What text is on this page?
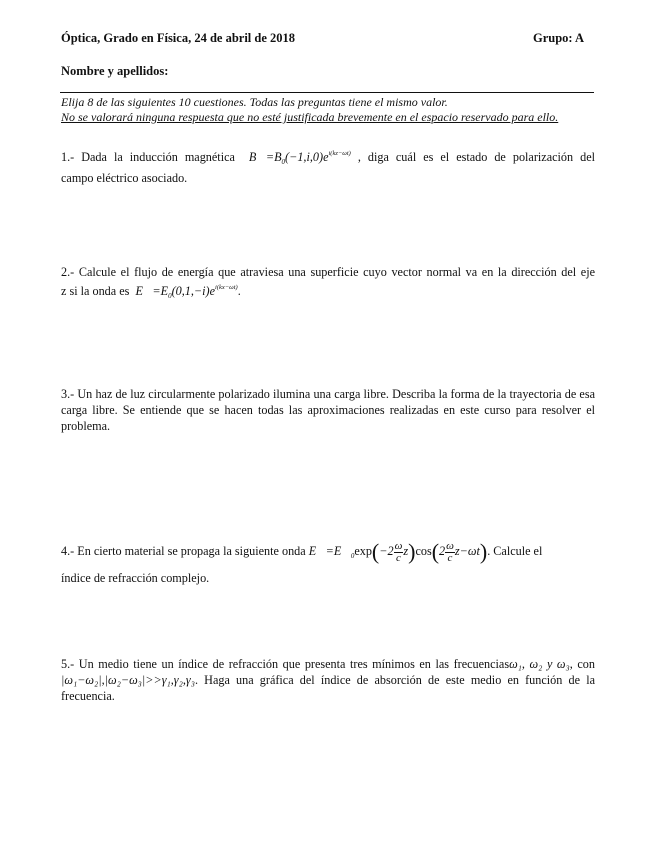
Óptica, Grado en Física, 24 de abril de 2018	Grupo: A
Nombre y apellidos:
Elija 8 de las siguientes 10 cuestiones. Todas las preguntas tiene el mismo valor.
No se valorará ninguna respuesta que no esté justificada brevemente en el espacio reservado para ello.
1.- Dada la inducción magnética  $B⃗=B_0(-1,i,0)e^{i(kz-\omega t)}$ , diga cuál es el estado de polarización del
campo eléctrico asociado.
2.- Calcule el flujo de energía que atraviesa una superficie cuyo vector normal va en la dirección del eje
z si la onda es  $E⃗=E_0(0,1,-i)e^{i(kx-\omega t)}$.
3.- Un haz de luz circularmente polarizado ilumina una carga libre. Describa la forma de la trayectoria de esa carga libre. Se entiende que se hacen todas las aproximaciones realizadas en este curso para resolver el problema.
4.- En cierto material se propaga la siguiente onda $E⃗=E⃗_0\exp(-2 \frac{\omega}{c} z)\cos(2 \frac{\omega}{c} z-\omega t)$. Calcule el
índice de refracción complejo.
5.- Un medio tiene un índice de refracción que presenta tres mínimos en las frecuenciasω₁, ω₂ y ω₃, con
|ω₁−ω₂|,|ω₂−ω₃|>>γ₁,γ₂,γ₃. Haga una gráfica del índice de absorción de este medio en función de la frecuencia.
